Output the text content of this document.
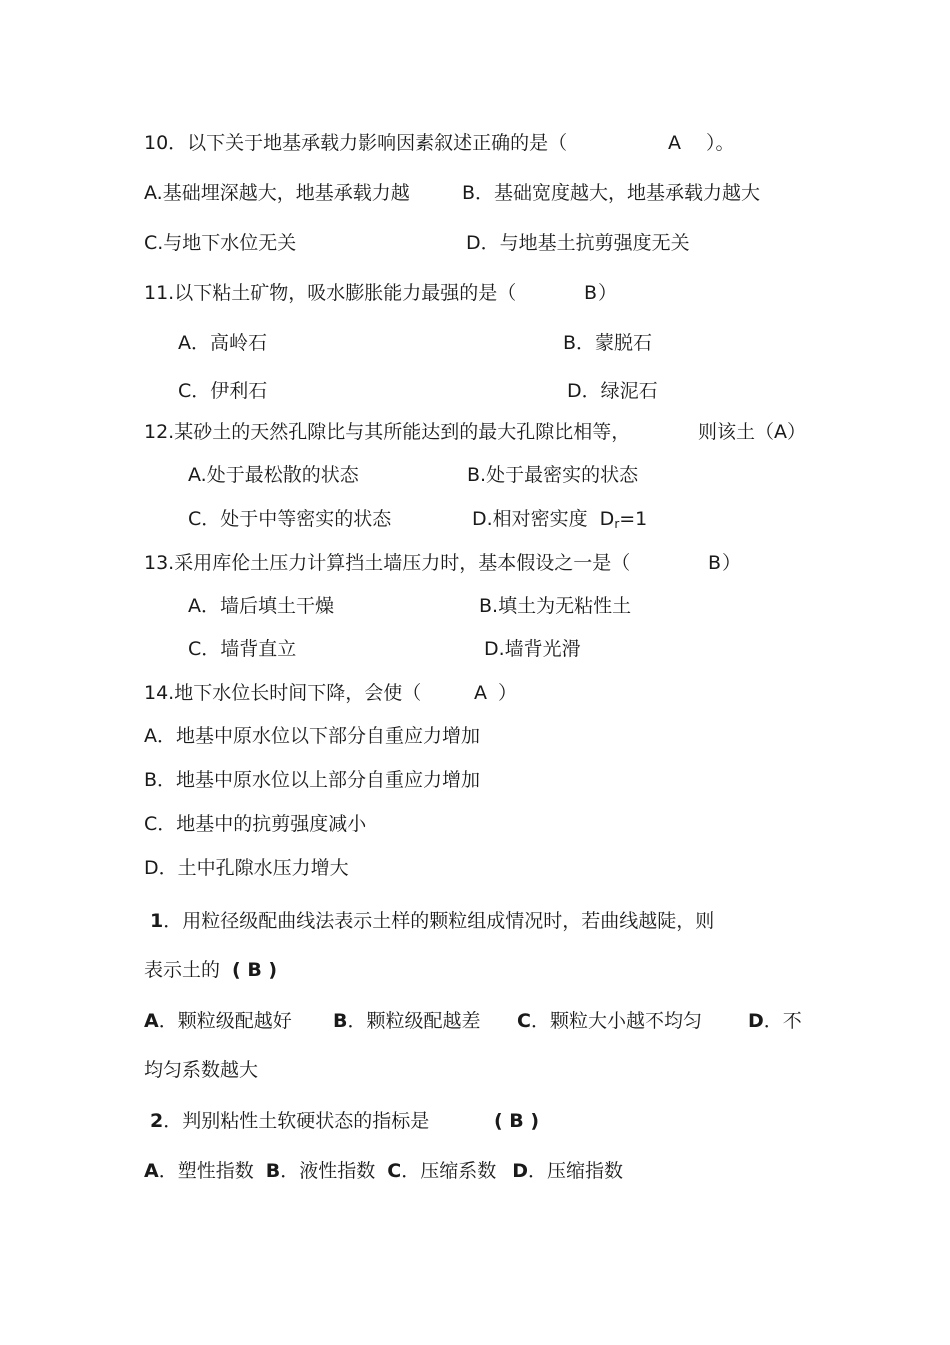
10．以下关于地基承载力影响因素叙述正确的是（	A ）。
A.基础埋深越大，地基承载力越	B．基础宽度越大，地基承载力越大
C.与地下水位无关	D．与地基土抗剪强度无关
11.以下粘土矿物，吸水膨胀能力最强的是（	B ）
A．高岭石	B．蒙脱石
C．伊利石	D．绿泥石
12.某砂土的天然孔隙比与其所能达到的最大孔隙比相等，	则该土（A）
A.处于最松散的状态	B.处于最密实的状态
C．处于中等密实的状态	D.相对密实度 $D_r=1$
13.采用库伦土压力计算挡土墙压力时，基本假设之一是（	B ）
A．墙后填土干燥	B.填土为无粘性土
C．墙背直立	D.墙背光滑
14.地下水位长时间下降，会使（	A ）
A．地基中原水位以下部分自重应力增加
B．地基中原水位以上部分自重应力增加
C．地基中的抗剪强度减小
D．土中孔隙水压力增大
1．用粒径级配曲线法表示土样的颗粒组成情况时，若曲线越陡，则
表示土的 ( B )
A．颗粒级配越好 B．颗粒级配越差 C．颗粒大小越不均匀 D．不
均匀系数越大
2．判别粘性土软硬状态的指标是	( B )
A．塑性指数 B．液性指数 C．压缩系数 D．压缩指数
